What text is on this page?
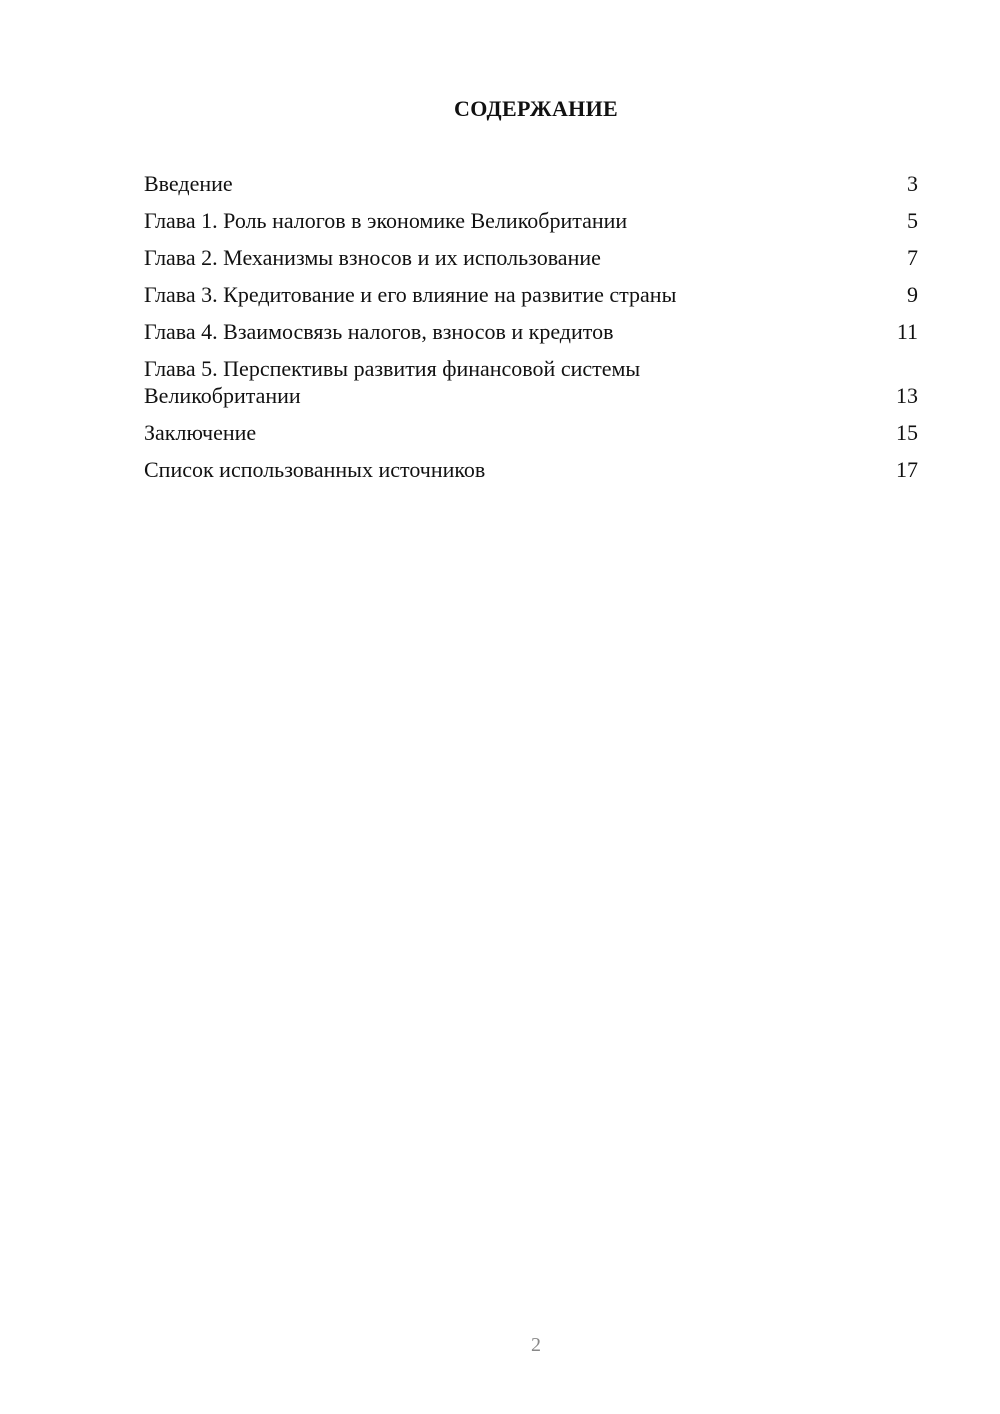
СОДЕРЖАНИЕ
Введение	3
Глава 1. Роль налогов в экономике Великобритании	5
Глава 2. Механизмы взносов и их использование	7
Глава 3. Кредитование и его влияние на развитие страны	9
Глава 4. Взаимосвязь налогов, взносов и кредитов	11
Глава 5. Перспективы развития финансовой системы Великобритании	13
Заключение	15
Список использованных источников	17
2
